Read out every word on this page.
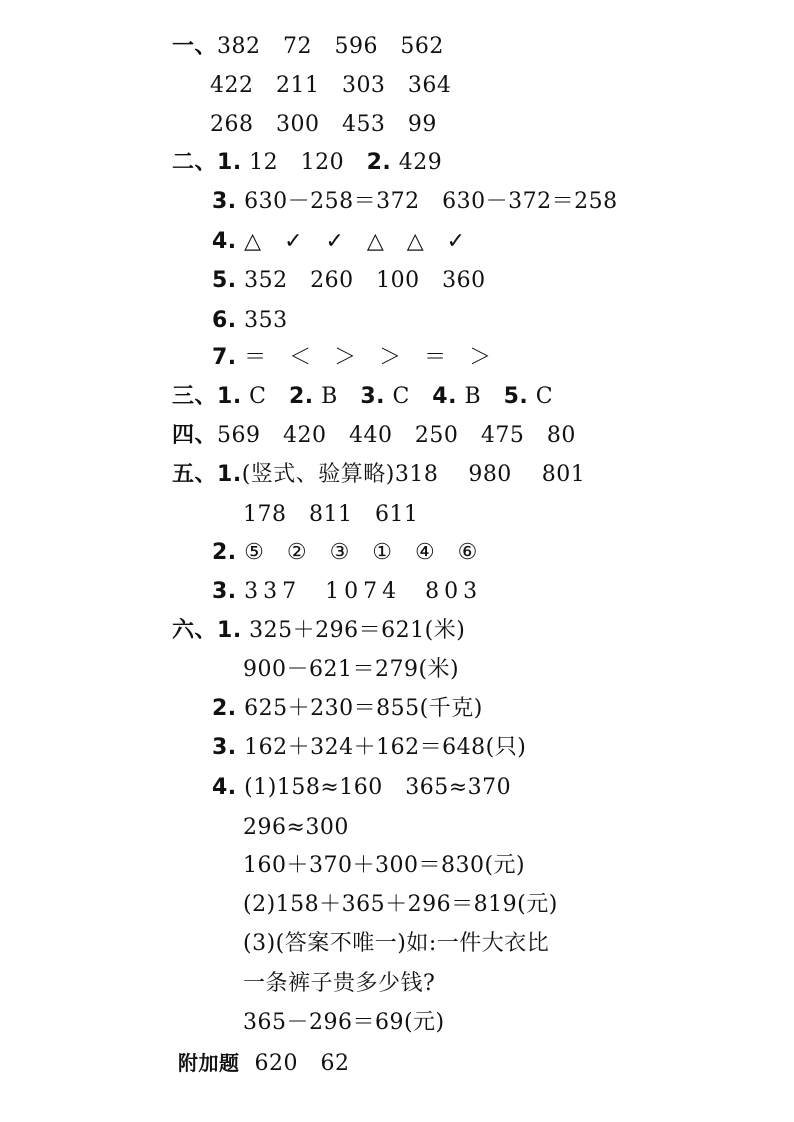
一、382   72   596   562
422   211   303   364
268   300   453   99
二、1. 12   120   2. 429
3. 630－258＝372   630－372＝258
4. △   ✓   ✓   △   △   ✓
5. 352   260   100   360
6. 353
7. ＝   ＜   ＞   ＞   ＝   ＞
三、1. C   2. B   3. C   4. B   5. C
四、569   420   440   250   475   80
五、1.(竖式、验算略)318    980    801
178   811   611
2. ⑤   ②   ③   ①   ④   ⑥
3. 337  1074  803
六、1. 325＋296＝621(米)
900－621＝279(米)
2. 625＋230＝855(千克)
3. 162＋324＋162＝648(只)
4. (1)158≈160   365≈370
296≈300
160＋370＋300＝830(元)
(2)158＋365＋296＝819(元)
(3)(答案不唯一)如:一件大衣比
一条裤子贵多少钱?
365－296＝69(元)
附加题  620   62
